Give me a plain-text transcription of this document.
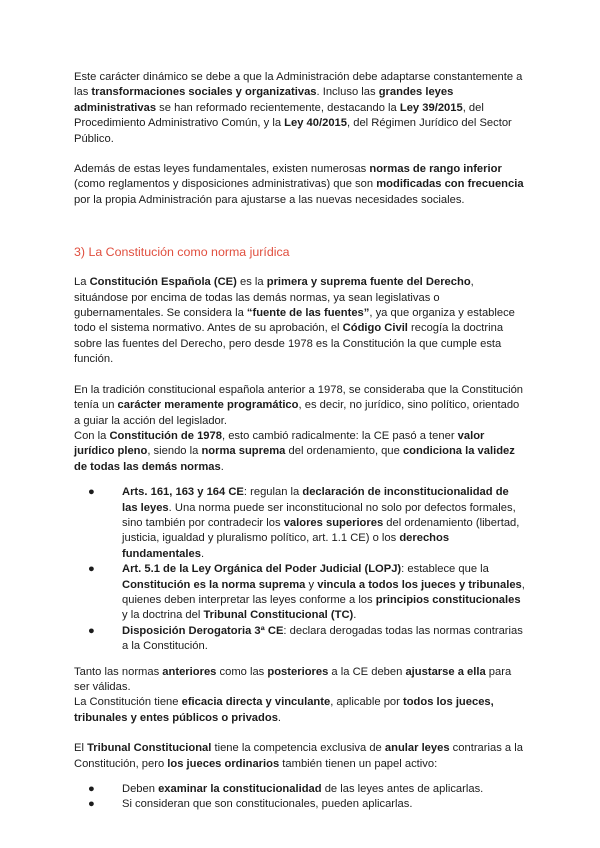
Este carácter dinámico se debe a que la Administración debe adaptarse constantemente a las transformaciones sociales y organizativas. Incluso las grandes leyes administrativas se han reformado recientemente, destacando la Ley 39/2015, del Procedimiento Administrativo Común, y la Ley 40/2015, del Régimen Jurídico del Sector Público.

Además de estas leyes fundamentales, existen numerosas normas de rango inferior (como reglamentos y disposiciones administrativas) que son modificadas con frecuencia por la propia Administración para ajustarse a las nuevas necesidades sociales.

3) La Constitución como norma jurídica

La Constitución Española (CE) es la primera y suprema fuente del Derecho, situándose por encima de todas las demás normas, ya sean legislativas o gubernamentales. Se considera la “fuente de las fuentes”, ya que organiza y establece todo el sistema normativo. Antes de su aprobación, el Código Civil recogía la doctrina sobre las fuentes del Derecho, pero desde 1978 es la Constitución la que cumple esta función.

En la tradición constitucional española anterior a 1978, se consideraba que la Constitución tenía un carácter meramente programático, es decir, no jurídico, sino político, orientado a guiar la acción del legislador.

Con la Constitución de 1978, esto cambió radicalmente: la CE pasó a tener valor jurídico pleno, siendo la norma suprema del ordenamiento, que condiciona la validez de todas las demás normas.

● Arts. 161, 163 y 164 CE: regulan la declaración de inconstitucionalidad de las leyes. Una norma puede ser inconstitucional no solo por defectos formales, sino también por contradecir los valores superiores del ordenamiento (libertad, justicia, igualdad y pluralismo político, art. 1.1 CE) o los derechos fundamentales.
● Art. 5.1 de la Ley Orgánica del Poder Judicial (LOPJ): establece que la Constitución es la norma suprema y vincula a todos los jueces y tribunales, quienes deben interpretar las leyes conforme a los principios constitucionales y la doctrina del Tribunal Constitucional (TC).
● Disposición Derogatoria 3ª CE: declara derogadas todas las normas contrarias a la Constitución.

Tanto las normas anteriores como las posteriores a la CE deben ajustarse a ella para ser válidas.

La Constitución tiene eficacia directa y vinculante, aplicable por todos los jueces, tribunales y entes públicos o privados.

El Tribunal Constitucional tiene la competencia exclusiva de anular leyes contrarias a la Constitución, pero los jueces ordinarios también tienen un papel activo:

● Deben examinar la constitucionalidad de las leyes antes de aplicarlas.
● Si consideran que son constitucionales, pueden aplicarlas.
